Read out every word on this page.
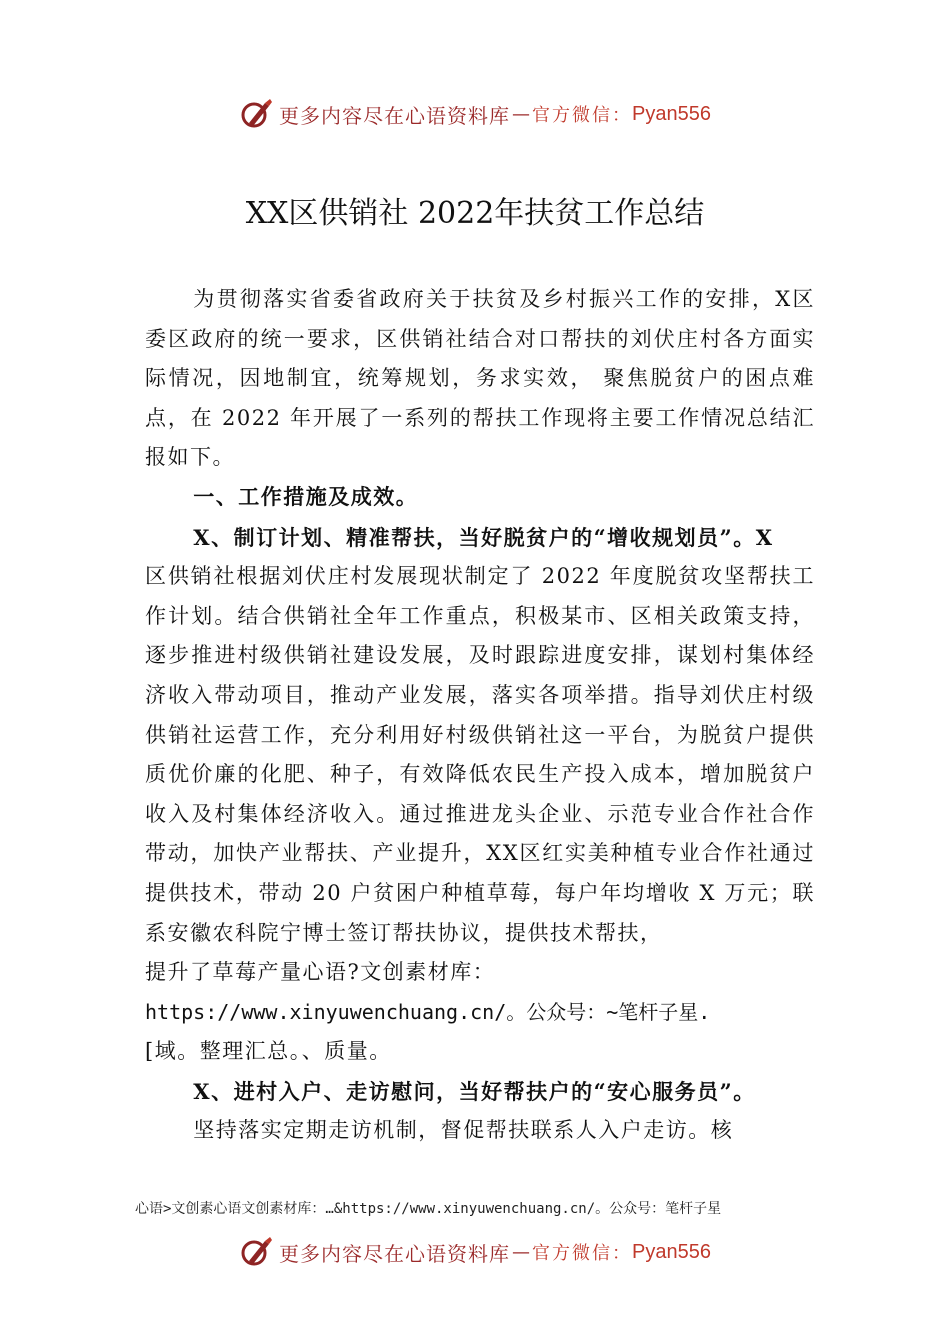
更多内容尽在心语资料库 — 官方微信： Pyan556
XX区供销社 2022年扶贫工作总结

为贯彻落实省委省政府关于扶贫及乡村振兴工作的安排，X区委区政府的统一要求，区供销社结合对口帮扶的刘伏庄村各方面实际情况，因地制宜，统筹规划，务求实效， 聚焦脱贫户的困点难点，在 2022 年开展了一系列的帮扶工作现将主要工作情况总结汇报如下。

一、工作措施及成效。

X、制订计划、精准帮扶，当好脱贫户的“增收规划员”。X

区供销社根据刘伏庄村发展现状制定了 2022 年度脱贫攻坚帮扶工作计划。结合供销社全年工作重点，积极某市、区相关政策支持，逐步推进村级供销社建设发展，及时跟踪进度安排，谋划村集体经济收入带动项目，推动产业发展，落实各项举措。指导刘伏庄村级供销社运营工作，充分利用好村级供销社这一平台，为脱贫户提供质优价廉的化肥、种子，有效降低农民生产投入成本，增加脱贫户收入及村集体经济收入。通过推进龙头企业、示范专业合作社合作带动，加快产业帮扶、产业提升，XX区红实美种植专业合作社通过提供技术，带动 20 户贫困户种植草莓，每户年均增收 X 万元；联系安徽农科院宁博士签订帮扶协议，提供技术帮扶，

提升了草莓产量心语?文创素材库：

https://www.xinyuwenchuang.cn/。公众号：~笔杆子星.

[域。整理汇总。、质量。

X、进村入户、走访慰问，当好帮扶户的“安心服务员”。

坚持落实定期走访机制，督促帮扶联系人入户走访。核

心语>文创素心语文创素材库：…&https://www.xinyuwenchuang.cn/。公众号：笔杆子星
更多内容尽在心语资料库 — 官方微信： Pyan556
